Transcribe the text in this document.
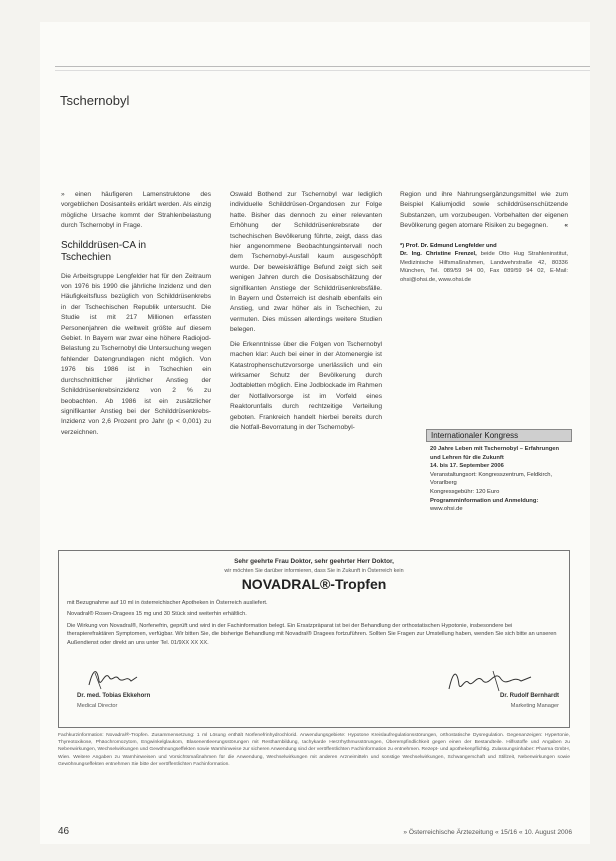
Tschernobyl

» einen häufigeren Lamenstruktone des vorgeblichen Dosisanteils erklärt werden. Als einzig mögliche Ursache kommt der Strahlenbelastung durch Tschernobyl in Frage.

Schilddrüsen-CA in
Tschechien

Die Arbeitsgruppe Lengfelder hat für den Zeitraum von 1976 bis 1990 die jährliche Inzidenz und den Häufigkeitsfluss bezüglich von Schilddrüsenkrebs in der Tschechischen Republik untersucht. Die Studie ist mit 217 Millionen erfassten Personenjahren die weltweit größte auf diesem Gebiet. In Bayern war zwar eine höhere Radiojod-Belastung zu Tschernobyl die Untersuchung wegen fehlender Datengrundlagen nicht möglich. Von 1976 bis 1986 ist in Tschechien ein durchschnittlicher jährlicher Anstieg der Schilddrüsenkrebsinzidenz von 2 % zu beobachten. Ab 1986 ist ein zusätzlicher signifikanter Anstieg bei der Schilddrüsenkrebs-Inzidenz von 2,6 Prozent pro Jahr (p < 0,001) zu verzeichnen.

Oswald Bothend zur Tschernobyl war lediglich individuelle Schilddrüsen-Organdosen zur Folge hatte. Bisher das dennoch zu einer relevanten Erhöhung der Schilddrüsenkrebsrate der tschechischen Bevölkerung führte, zeigt, dass das hier angenommene Beobachtungsintervall noch dem Tschernobyl-Ausfall kaum ausgeschöpft wurde. Der beweiskräftige Befund zeigt sich seit wenigen Jahren durch die Dosisabschätzung der signifikanten Anstiege der Schilddrüsenkrebsfälle. In Bayern und Österreich ist deshalb ebenfalls ein Anstieg, und zwar höher als in Tschechien, zu vermuten. Dies müssen allerdings weitere Studien belegen.

Die Erkenntnisse über die Folgen von Tschernobyl machen klar: Auch bei einer in der Atomenergie ist Katastrophenschutzvorsorge unerlässlich und ein wirksamer Schutz der Bevölkerung durch Jodtabletten möglich. Eine Jodblockade im Rahmen der Notfallvorsorge ist im Vorfeld eines Reaktorunfalls durch rechtzeitige Verteilung geboten. Frankreich handelt hierbei bereits durch die Notfall-Bevorratung in der Tschernobyl-

Region und ihre Nahrungsergänzungsmittel wie zum Beispiel Kaliumjodid sowie schilddrüsenschützende Substanzen, um vorzubeugen. Vorbehalten der eigenen Bevölkerung gegen atomare Risiken zu begegnen. «

*) Prof. Dr. Edmund Lengfelder und
Dr. Ing. Christine Frenzel, beide Otto Hug Strahleninstitut, Medizinische Hilfsmaßnahmen, Landwehrstraße 42, 80336 München, Tel. 089/59 94 00, Fax 089/59 94 02, E-Mail: ohsi@ohsi.de, www.ohsi.de
Internationaler Kongress
20 Jahre Leben mit Tschernobyl – Erfahrungen und Lehren für die Zukunft
14. bis 17. September 2006
Veranstaltungsort: Kongresszentrum, Feldkirch, Vorarlberg
Kongressgebühr: 120 Euro
Programminformation und Anmeldung:
www.ohsi.de
Sehr geehrte Frau Doktor, sehr geehrter Herr Doktor,
wir möchten Sie darüber informieren, dass Sie in Zukunft in Österreich kein
NOVADRAL®-Tropfen

mit Bezugnahme auf 10 ml in österreichischer Apotheken in Österreich ausliefert.

Novadral® Rosen-Dragees 15 mg und 30 Stück sind weiterhin erhältlich.

Die Wirkung von Novadral®, Norfenefrin, geprüft und wird in der Fachinformation belegt. Ein Ersatzpräparat ist bei der Behandlung der orthostatischen Hypotonie, insbesondere bei therapierefraktären Symptomen, verfügbar. Wir bitten Sie, die bisherige Behandlung mit Novadral® Dragees fortzuführen. Sollten Sie Fragen zur Umstellung haben, wenden Sie sich bitte an unseren Außendienst oder direkt an uns unter Tel. 01/9XX XX XX.

Dr. med. Tobias Ekkehorn
Medical Director
Dr. Rudolf Bernhardt
Marketing Manager
Fachkurzinformation: Novadral®-Tropfen. Zusammensetzung: 1 ml Lösung enthält Norfenefrinhydrochlorid. Anwendungsgebiete: Hypotone Kreislaufregulationsstörungen, orthostatische Dysregulation. Gegenanzeigen: Hypertonie, Thyreotoxikose, Phäochromozytom, Engwinkelglaukom, Blasenentleerungsstörungen mit Restharnbildung, tachykarde Herzrhythmusstörungen, Überempfindlichkeit gegen einen der Bestandteile. Hilfsstoffe und Angaben zu Nebenwirkungen, Wechselwirkungen und Gewöhnungseffekten sowie Warnhinweise zur sicheren Anwendung sind der veröffentlichten Fachinformation zu entnehmen. Rezept- und apothekenpflichtig. Zulassungsinhaber: Pharma GmbH, Wien. Weitere Angaben zu Warnhinweisen und Vorsichtsmaßnahmen für die Anwendung, Wechselwirkungen mit anderen Arzneimitteln und sonstige Wechselwirkungen, Schwangerschaft und Stillzeit, Nebenwirkungen sowie Gewöhnungseffekten entnehmen Sie bitte der veröffentlichten Fachinformation.
46	» Österreichische Ärztezeitung « 15/16 « 10. August 2006
